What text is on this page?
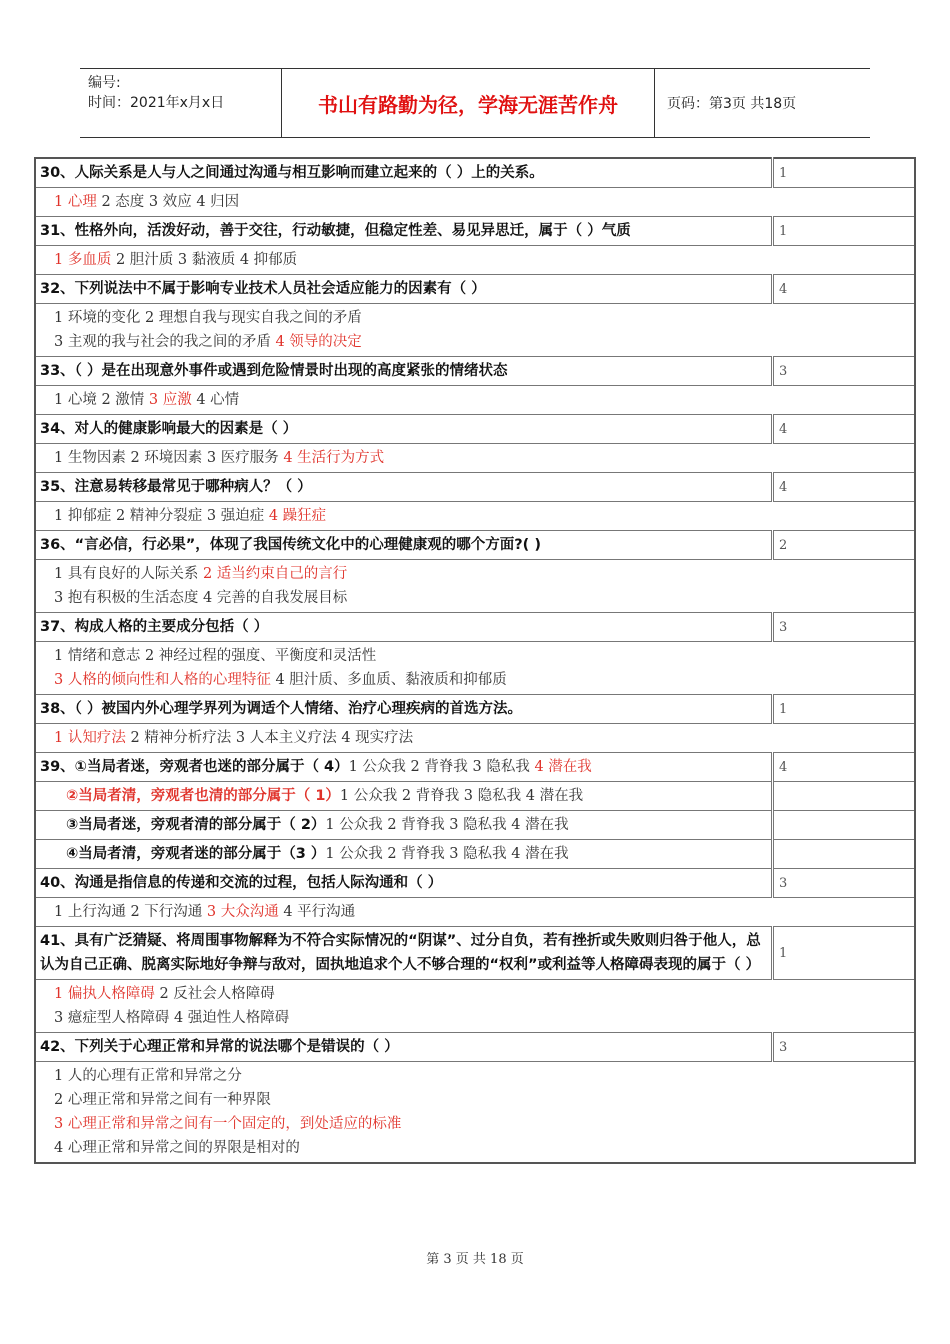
编号:
时间：2021年x月x日	书山有路勤为径，学海无涯苦作舟	页码：第3页 共18页
30、人际关系是人与人之间通过沟通与相互影响而建立起来的（ ）上的关系。	1

1 心理 2 态度 3 效应 4 归因	

31、性格外向，活泼好动，善于交往，行动敏捷，但稳定性差、易见异思迁，属于（ ）气质	1

1 多血质 2 胆汁质 3 黏液质 4 抑郁质	

32、下列说法中不属于影响专业技术人员社会适应能力的因素有（ ）	4

1 环境的变化 2 理想自我与现实自我之间的矛盾
3 主观的我与社会的我之间的矛盾 4 领导的决定	

33、（ ）是在出现意外事件或遇到危险情景时出现的高度紧张的情绪状态	3

1 心境 2 激情 3 应激 4 心情	

34、对人的健康影响最大的因素是（ ）	4

1 生物因素 2 环境因素 3 医疗服务 4 生活行为方式	

35、注意易转移最常见于哪种病人？（ ）	4

1 抑郁症 2 精神分裂症 3 强迫症 4 躁狂症	

36、“言必信，行必果”，体现了我国传统文化中的心理健康观的哪个方面?( )	2

1 具有良好的人际关系 2 适当约束自己的言行
3 抱有积极的生活态度 4 完善的自我发展目标	

37、构成人格的主要成分包括（ ）	3

1 情绪和意志 2 神经过程的强度、平衡度和灵活性
3 人格的倾向性和人格的心理特征 4 胆汁质、多血质、黏液质和抑郁质	

38、（ ）被国内外心理学界列为调适个人情绪、治疗心理疾病的首选方法。	1

1 认知疗法 2 精神分析疗法 3 人本主义疗法 4 现实疗法	

39、①当局者迷，旁观者也迷的部分属于（ 4）1 公众我 2 背脊我 3 隐私我 4 潜在我	4
②当局者清，旁观者也清的部分属于（ 1）1 公众我 2 背脊我 3 隐私我 4 潜在我	
③当局者迷，旁观者清的部分属于（ 2）1 公众我 2 背脊我 3 隐私我 4 潜在我	
④当局者清，旁观者迷的部分属于（3 ）1 公众我 2 背脊我 3 隐私我 4 潜在我	
40、沟通是指信息的传递和交流的过程，包括人际沟通和（ ）	3

1 上行沟通 2 下行沟通 3 大众沟通 4 平行沟通	

41、具有广泛猜疑、将周围事物解释为不符合实际情况的“阴谋”、过分自负，若有挫折或失败则归咎于他人，总认为自己正确、脱离实际地好争辩与敌对，固执地追求个人不够合理的“权利”或利益等人格障碍表现的属于（ ）	1

1 偏执人格障碍 2 反社会人格障碍
3 癔症型人格障碍 4 强迫性人格障碍	

42、下列关于心理正常和异常的说法哪个是错误的（ ）	3

1 人的心理有正常和异常之分
2 心理正常和异常之间有一种界限
3 心理正常和异常之间有一个固定的，到处适应的标准
4 心理正常和异常之间的界限是相对的	
第 3 页 共 18 页
